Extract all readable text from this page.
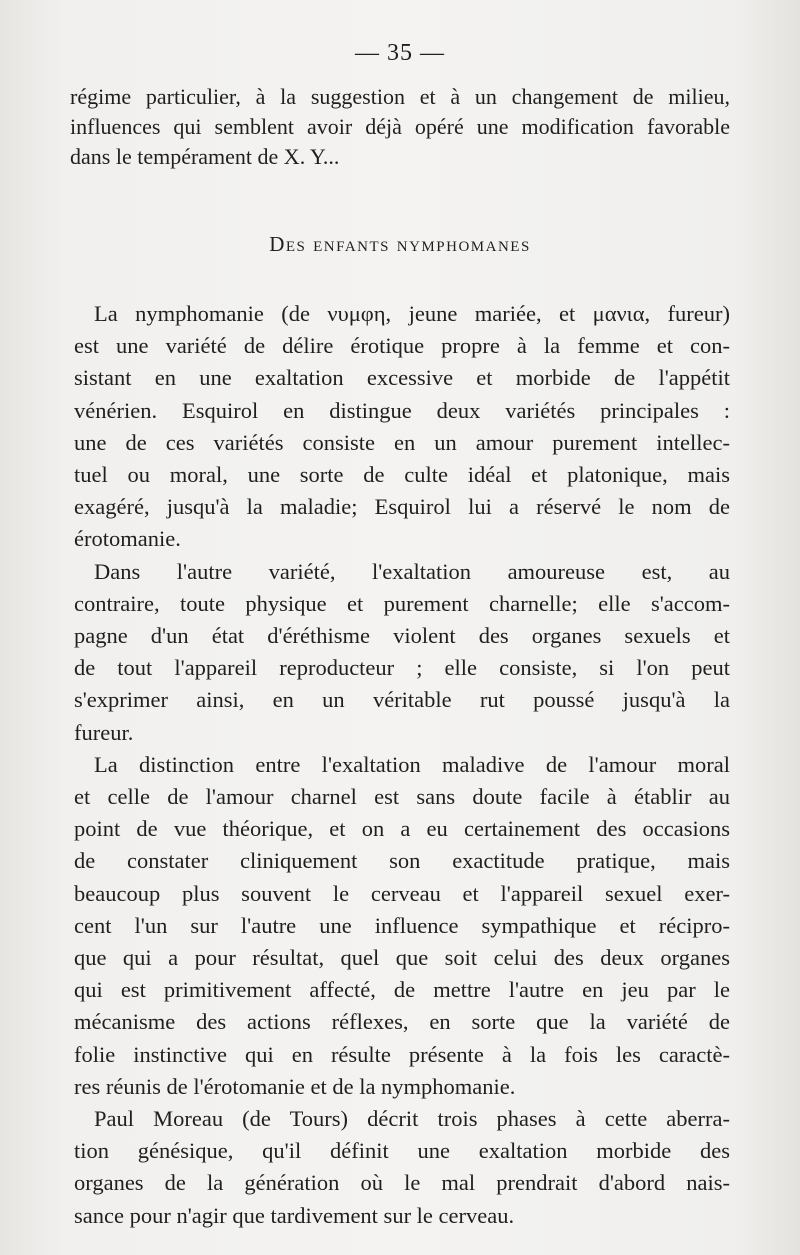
— 35 —
régime particulier, à la suggestion et à un changement de milieu,
influences qui semblent avoir déjà opéré une modification favorable
dans le tempérament de X. Y...
Des enfants nymphomanes
La nymphomanie (de νυμφη, jeune mariée, et μανια, fureur)
est une variété de délire érotique propre à la femme et con-
sistant en une exaltation excessive et morbide de l'appétit
vénérien. Esquirol en distingue deux variétés principales :
une de ces variétés consiste en un amour purement intellec-
tuel ou moral, une sorte de culte idéal et platonique, mais
exagéré, jusqu'à la maladie; Esquirol lui a réservé le nom de
érotomanie.
Dans l'autre variété, l'exaltation amoureuse est, au
contraire, toute physique et purement charnelle; elle s'accom-
pagne d'un état d'éréthisme violent des organes sexuels et
de tout l'appareil reproducteur ; elle consiste, si l'on peut
s'exprimer ainsi, en un véritable rut poussé jusqu'à la
fureur.
La distinction entre l'exaltation maladive de l'amour moral
et celle de l'amour charnel est sans doute facile à établir au
point de vue théorique, et on a eu certainement des occasions
de constater cliniquement son exactitude pratique, mais
beaucoup plus souvent le cerveau et l'appareil sexuel exer-
cent l'un sur l'autre une influence sympathique et récipro-
que qui a pour résultat, quel que soit celui des deux organes
qui est primitivement affecté, de mettre l'autre en jeu par le
mécanisme des actions réflexes, en sorte que la variété de
folie instinctive qui en résulte présente à la fois les caractè-
res réunis de l'érotomanie et de la nymphomanie.
Paul Moreau (de Tours) décrit trois phases à cette aberra-
tion génésique, qu'il définit une exaltation morbide des
organes de la génération où le mal prendrait d'abord nais-
sance pour n'agir que tardivement sur le cerveau.
